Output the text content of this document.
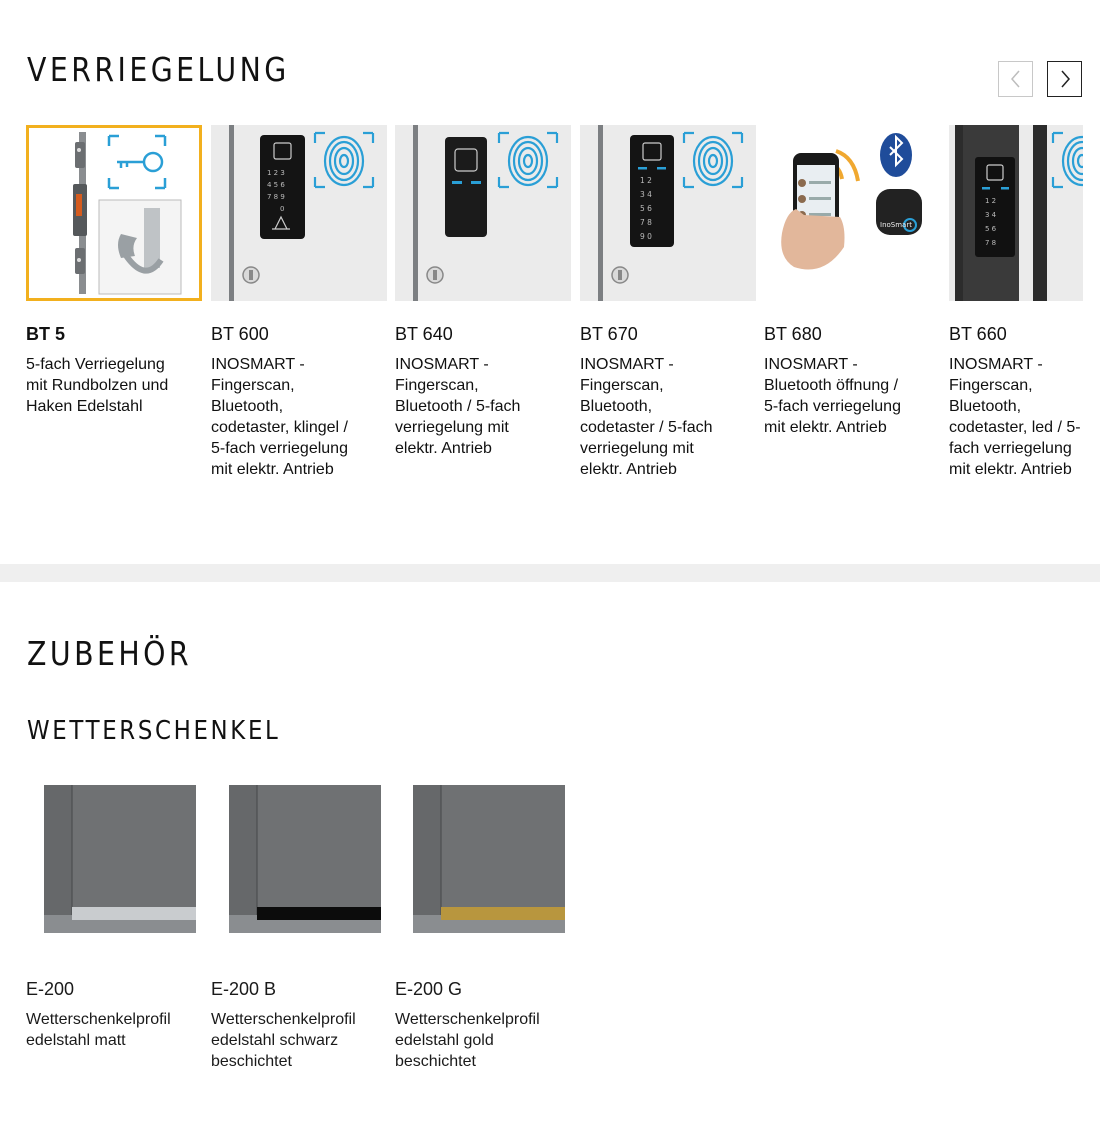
VERRIEGELUNG
BT 5
5-fach Verriegelung mit Rundbolzen und Haken Edelstahl
1 2 3
4 5 6
7 8 9
0
BT 600
INOSMART - Fingerscan, Bluetooth, codetaster, klingel / 5-fach verriegelung mit elektr. Antrieb
BT 640
INOSMART - Fingerscan, Bluetooth / 5-fach verriegelung mit elektr. Antrieb
1 2
3 4
5 6
7 8
9 0
BT 670
INOSMART - Fingerscan, Bluetooth, codetaster / 5-fach verriegelung mit elektr. Antrieb
InoSmart
BT 680
INOSMART - Bluetooth öffnung / 5-fach verriegelung mit elektr. Antrieb
1 2
3 4
5 6
7 8
BT 660
INOSMART - Fingerscan, Bluetooth, codetaster, led / 5-fach verriegelung mit elektr. Antrieb
ZUBEHÖR
WETTERSCHENKEL
E-200
Wetterschenkelprofil edelstahl matt
E-200 B
Wetterschenkelprofil edelstahl schwarz beschichtet
E-200 G
Wetterschenkelprofil edelstahl gold beschichtet
